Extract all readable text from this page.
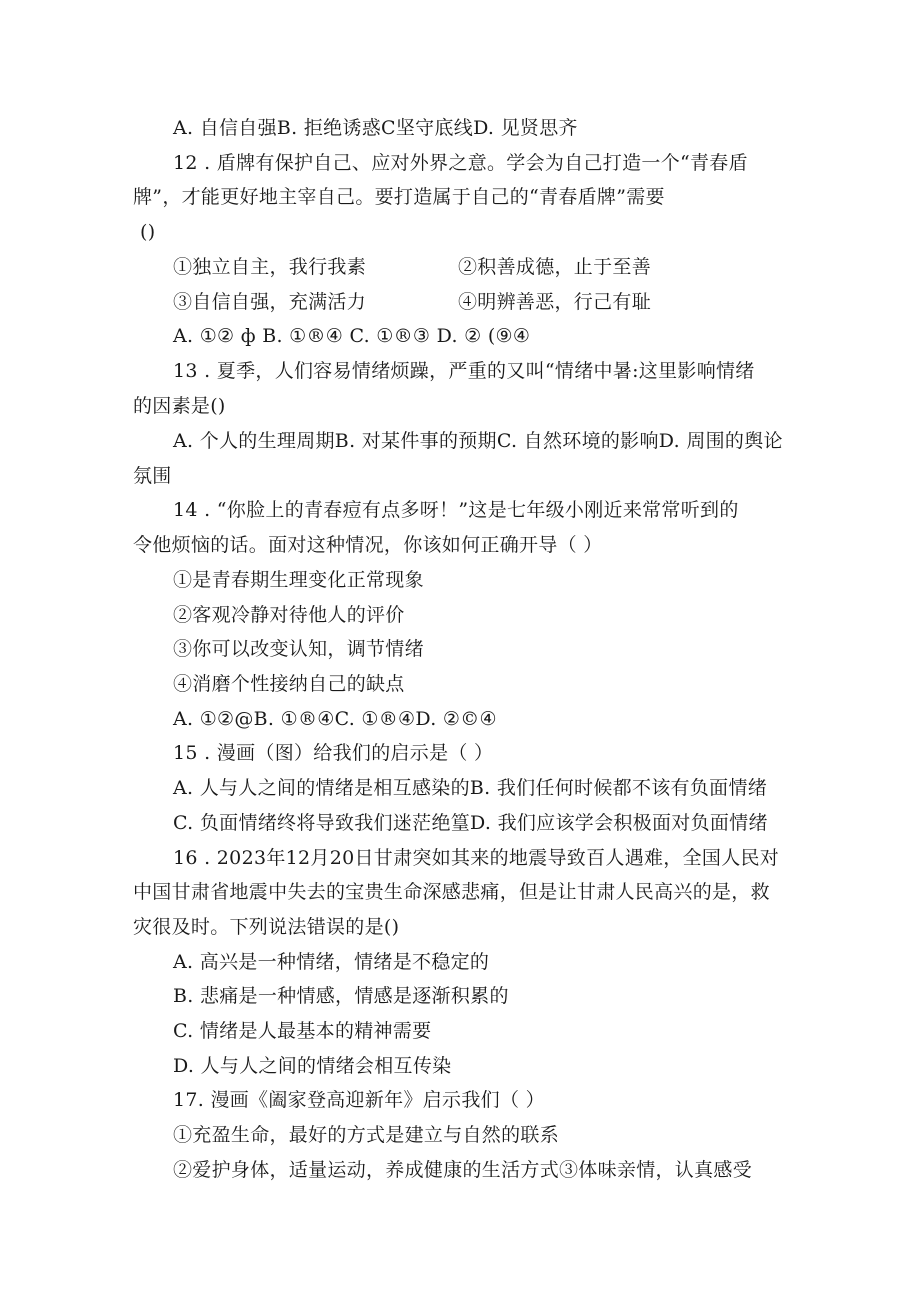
A. 自信自强B. 拒绝诱惑C坚守底线D. 见贤思齐
12 . 盾牌有保护自己、应对外界之意。学会为自己打造一个“青春盾
牌”，才能更好地主宰自己。要打造属于自己的“青春盾牌”需要
()
①独立自主，我行我素	②积善成德，止于至善
③自信自强，充满活力	④明辨善恶，行己有耻
A. ①② ф B. ①®④ C. ①®③ D. ② (⑨④
13 . 夏季，人们容易情绪烦躁，严重的又叫“情绪中暑:这里影响情绪
的因素是()
A. 个人的生理周期B. 对某件事的预期C. 自然环境的影响D. 周围的舆论
氛围
14 . “你脸上的青春痘有点多呀！”这是七年级小刚近来常常听到的
令他烦恼的话。面对这种情况，你该如何正确开导（ ）
①是青春期生理变化正常现象
②客观冷静对待他人的评价
③你可以改变认知，调节情绪
④消磨个性接纳自己的缺点
A. ①②@B. ①®④C. ①®④D. ②©④
15 . 漫画（图）给我们的启示是（ ）
A. 人与人之间的情绪是相互感染的B. 我们任何时候都不该有负面情绪
C. 负面情绪终将导致我们迷茫绝篁D. 我们应该学会积极面对负面情绪
16 . 2023年12月20日甘肃突如其来的地震导致百人遇难，全国人民对
中国甘肃省地震中失去的宝贵生命深感悲痛，但是让甘肃人民高兴的是，救
灾很及时。下列说法错误的是()
A. 高兴是一种情绪，情绪是不稳定的
B. 悲痛是一种情感，情感是逐渐积累的
C. 情绪是人最基本的精神需要
D. 人与人之间的情绪会相互传染
17. 漫画《阖家登高迎新年》启示我们（ ）
①充盈生命，最好的方式是建立与自然的联系
②爱护身体，适量运动，养成健康的生活方式③体味亲情，认真感受
